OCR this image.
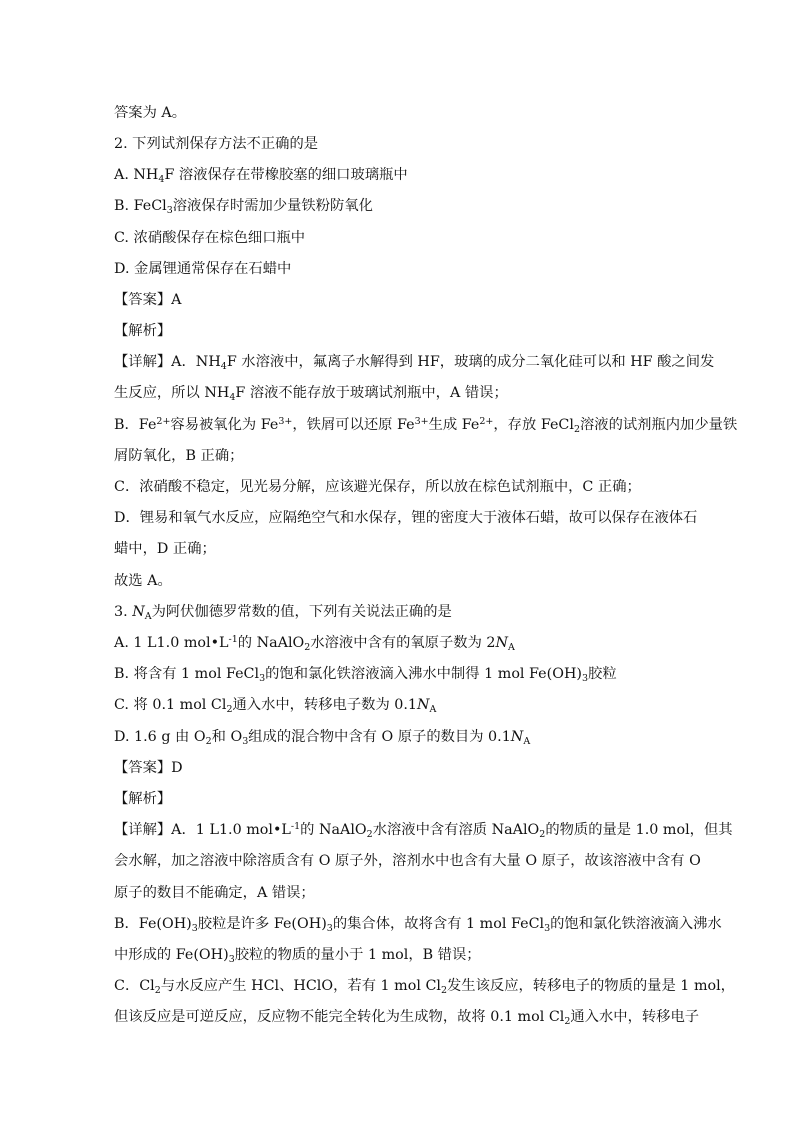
答案为 A。
2. 下列试剂保存方法不正确的是
A. $NH_4F$ 溶液保存在带橡胶塞的细口玻璃瓶中
B. FeCl$_3$溶液保存时需加少量铁粉防氧化
C. 浓硝酸保存在棕色细口瓶中
D. 金属锂通常保存在石蜡中
【答案】A
【解析】
【详解】A．$NH_4F$ 水溶液中，氟离子水解得到 HF，玻璃的成分二氧化硅可以和 HF 酸之间发
生反应，所以 $NH_4F$ 溶液不能存放于玻璃试剂瓶中，A 错误；
B．$Fe^{2+}$容易被氧化为 $Fe^{3+}$，铁屑可以还原 $Fe^{3+}$生成 $Fe^{2+}$，存放 FeCl$_2$溶液的试剂瓶内加少量铁
屑防氧化，B 正确；
C．浓硝酸不稳定，见光易分解，应该避光保存，所以放在棕色试剂瓶中，C 正确；
D．锂易和氧气水反应，应隔绝空气和水保存，锂的密度大于液体石蜡，故可以保存在液体石
蜡中，D 正确；
故选 A。
3. $N_A$为阿伏伽德罗常数的值，下列有关说法正确的是
A. 1 L1.0 $mol•L^{-1}$的 NaAlO$_2$水溶液中含有的氧原子数为 $2N_A$
B. 将含有 1 mol FeCl$_3$的饱和氯化铁溶液滴入沸水中制得 1 mol $Fe(OH)_3$胶粒
C. 将 0.1 mol $Cl_2$通入水中，转移电子数为 $0.1N_A$
D. 1.6 g 由 $O_2$和 $O_3$组成的混合物中含有 O 原子的数目为 $0.1N_A$
【答案】D
【解析】
【详解】A．1 L1.0 $mol•L^{-1}$的 NaAlO$_2$水溶液中含有溶质 NaAlO$_2$的物质的量是 1.0 mol，但其
会水解，加之溶液中除溶质含有 O 原子外，溶剂水中也含有大量 O 原子，故该溶液中含有 O
原子的数目不能确定，A 错误；
B．$Fe(OH)_3$胶粒是许多 $Fe(OH)_3$的集合体，故将含有 1 mol FeCl$_3$的饱和氯化铁溶液滴入沸水
中形成的 $Fe(OH)_3$胶粒的物质的量小于 1 mol，B 错误；
C．$Cl_2$与水反应产生 HCl、HClO，若有 1 mol $Cl_2$发生该反应，转移电子的物质的量是 1 mol，
但该反应是可逆反应，反应物不能完全转化为生成物，故将 0.1 mol $Cl_2$通入水中，转移电子
